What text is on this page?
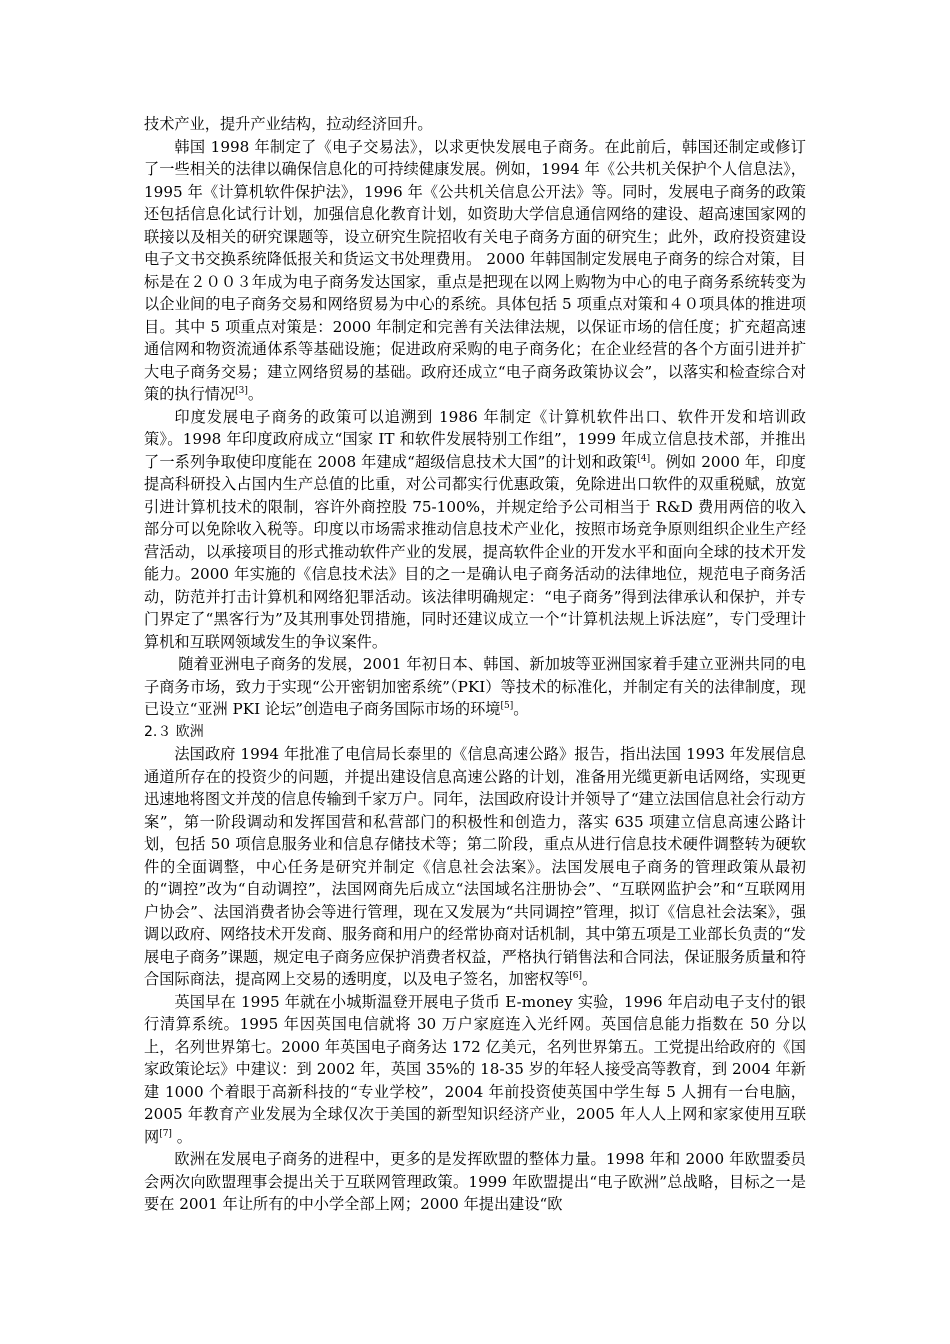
技术产业，提升产业结构，拉动经济回升。

韩国 1998 年制定了《电子交易法》，以求更快发展电子商务。在此前后，韩国还制定或修订了一些相关的法律以确保信息化的可持续健康发展。例如，1994 年《公共机关保护个人信息法》，1995 年《计算机软件保护法》，1996 年《公共机关信息公开法》等。同时，发展电子商务的政策还包括信息化试行计划，加强信息化教育计划，如资助大学信息通信网络的建设、超高速国家网的联接以及相关的研究课题等，设立研究生院招收有关电子商务方面的研究生；此外，政府投资建设电子文书交换系统降低报关和货运文书处理费用。 2000 年韩国制定发展电子商务的综合对策，目标是在２００３年成为电子商务发达国家，重点是把现在以网上购物为中心的电子商务系统转变为以企业间的电子商务交易和网络贸易为中心的系统。具体包括 5 项重点对策和４０项具体的推进项目。其中 5 项重点对策是：2000 年制定和完善有关法律法规，以保证市场的信任度；扩充超高速通信网和物资流通体系等基础设施；促进政府采购的电子商务化；在企业经营的各个方面引进并扩大电子商务交易；建立网络贸易的基础。政府还成立“电子商务政策协议会”，以落实和检查综合对策的执行情况[3]。

印度发展电子商务的政策可以追溯到 1986 年制定《计算机软件出口、软件开发和培训政策》。1998 年印度政府成立“国家 IT 和软件发展特别工作组”，1999 年成立信息技术部，并推出了一系列争取使印度能在 2008 年建成“超级信息技术大国”的计划和政策[4]。例如 2000 年，印度提高科研投入占国内生产总值的比重，对公司都实行优惠政策，免除进出口软件的双重税赋，放宽引进计算机技术的限制，容许外商控股 75-100%，并规定给予公司相当于 R&D 费用两倍的收入部分可以免除收入税等。印度以市场需求推动信息技术产业化，按照市场竞争原则组织企业生产经营活动，以承接项目的形式推动软件产业的发展，提高软件企业的开发水平和面向全球的技术开发能力。2000 年实施的《信息技术法》目的之一是确认电子商务活动的法律地位，规范电子商务活动，防范并打击计算机和网络犯罪活动。该法律明确规定：“电子商务”得到法律承认和保护，并专门界定了“黑客行为”及其刑事处罚措施，同时还建议成立一个“计算机法规上诉法庭”，专门受理计算机和互联网领域发生的争议案件。

随着亚洲电子商务的发展，2001 年初日本、韩国、新加坡等亚洲国家着手建立亚洲共同的电子商务市场，致力于实现“公开密钥加密系统”（PKI）等技术的标准化，并制定有关的法律制度，现已设立“亚洲 PKI 论坛”创造电子商务国际市场的环境[5]。

2.３ 欧洲

法国政府 1994 年批准了电信局长泰里的《信息高速公路》报告，指出法国 1993 年发展信息通道所存在的投资少的问题，并提出建设信息高速公路的计划，准备用光缆更新电话网络，实现更迅速地将图文并茂的信息传输到千家万户。同年，法国政府设计并领导了“建立法国信息社会行动方案”，第一阶段调动和发挥国营和私营部门的积极性和创造力，落实 635 项建立信息高速公路计划，包括 50 项信息服务业和信息存储技术等；第二阶段，重点从进行信息技术硬件调整转为硬软件的全面调整，中心任务是研究并制定《信息社会法案》。法国发展电子商务的管理政策从最初的“调控”改为“自动调控”，法国网商先后成立“法国域名注册协会”、“互联网监护会”和“互联网用户协会”、法国消费者协会等进行管理，现在又发展为“共同调控”管理，拟订《信息社会法案》，强调以政府、网络技术开发商、服务商和用户的经常协商对话机制，其中第五项是工业部长负责的“发展电子商务”课题，规定电子商务应保护消费者权益，严格执行销售法和合同法，保证服务质量和符合国际商法，提高网上交易的透明度，以及电子签名，加密权等[6]。

英国早在 1995 年就在小城斯温登开展电子货币 E-money 实验，1996 年启动电子支付的银行清算系统。1995 年因英国电信就将 30 万户家庭连入光纤网。英国信息能力指数在 50 分以上，名列世界第七。2000 年英国电子商务达 172 亿美元，名列世界第五。工党提出给政府的《国家政策论坛》中建议：到 2002 年，英国 35%的 18-35 岁的年轻人接受高等教育，到 2004 年新建 1000 个着眼于高新科技的“专业学校”，2004 年前投资使英国中学生每 5 人拥有一台电脑，2005 年教育产业发展为全球仅次于美国的新型知识经济产业，2005 年人人上网和家家使用互联网[7] 。

欧洲在发展电子商务的进程中，更多的是发挥欧盟的整体力量。1998 年和 2000 年欧盟委员会两次向欧盟理事会提出关于互联网管理政策。1999 年欧盟提出“电子欧洲”总战略，目标之一是要在 2001 年让所有的中小学全部上网；2000 年提出建设“欧
